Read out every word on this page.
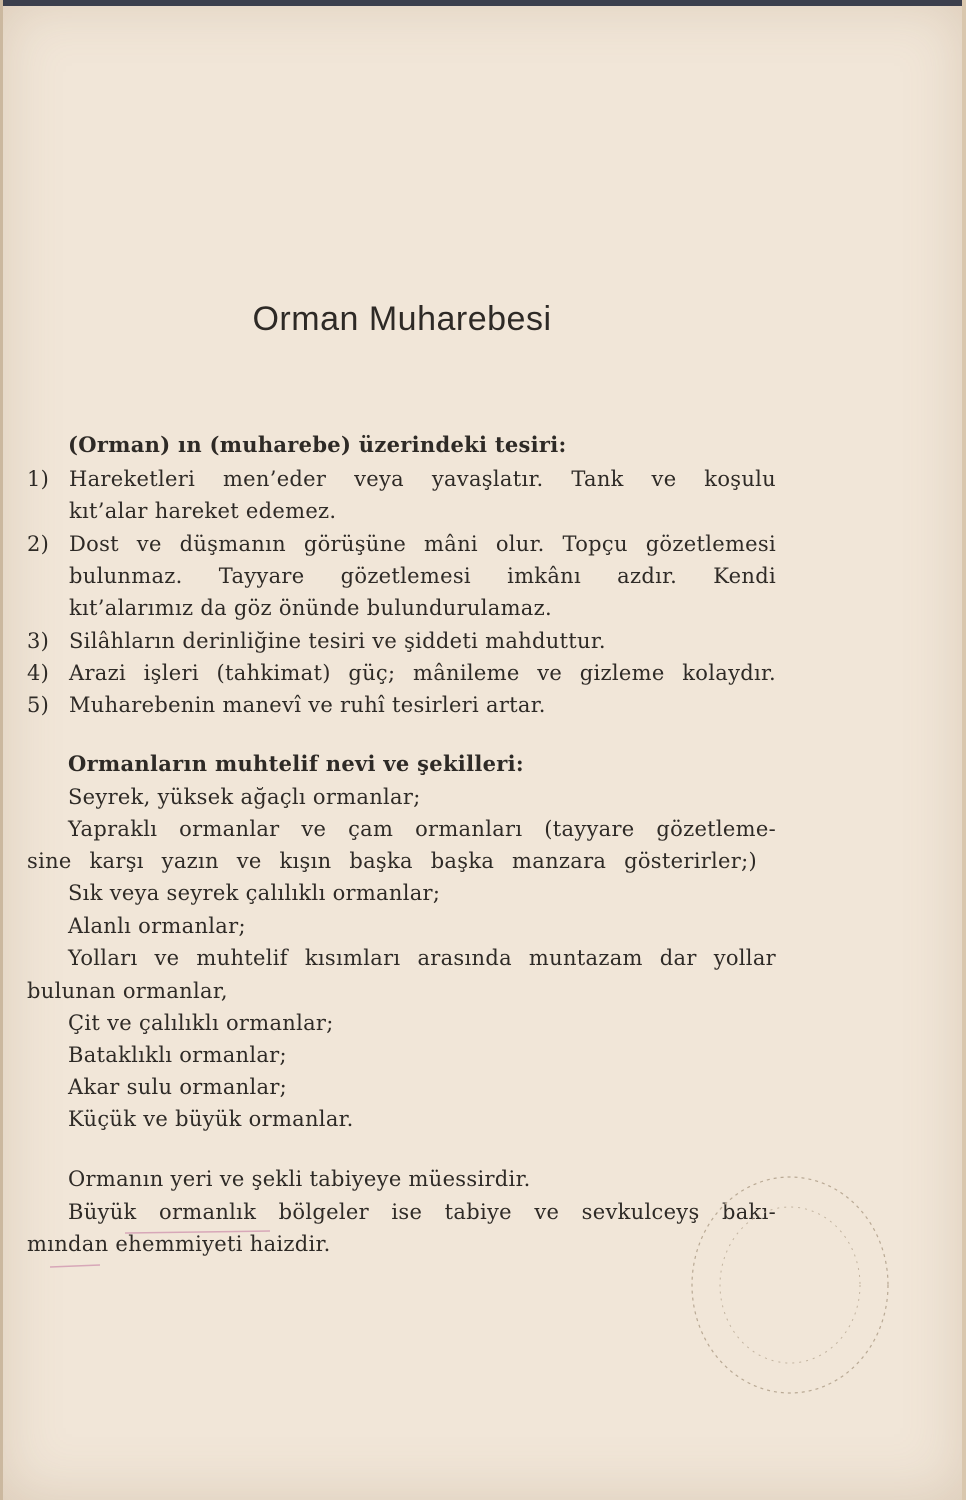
Orman Muharebesi
(Orman) ın (muharebe) üzerindeki tesiri:
1) Hareketleri men’eder veya yavaşlatır. Tank ve koşulu
kıt’alar hareket edemez.
2) Dost ve düşmanın görüşüne mâni olur. Topçu gözetlemesi
bulunmaz. Tayyare gözetlemesi imkânı azdır. Kendi
kıt’alarımız da göz önünde bulundurulamaz.
3) Silâhların derinliğine tesiri ve şiddeti mahduttur.
4) Arazi işleri (tahkimat) güç; mânileme ve gizleme kolaydır.
5) Muharebenin manevî ve ruhî tesirleri artar.
Ormanların muhtelif nevi ve şekilleri:
Seyrek, yüksek ağaçlı ormanlar;
Yapraklı ormanlar ve çam ormanları (tayyare gözetleme-
sine karşı yazın ve kışın başka başka manzara gösterirler;)
Sık veya seyrek çalılıklı ormanlar;
Alanlı ormanlar;
Yolları ve muhtelif kısımları arasında muntazam dar yollar
bulunan ormanlar,
Çit ve çalılıklı ormanlar;
Bataklıklı ormanlar;
Akar sulu ormanlar;
Küçük ve büyük ormanlar.
Ormanın yeri ve şekli tabiyeye müessirdir.
Büyük ormanlık bölgeler ise tabiye ve sevkulceyş bakı-
mından ehemmiyeti haizdir.
